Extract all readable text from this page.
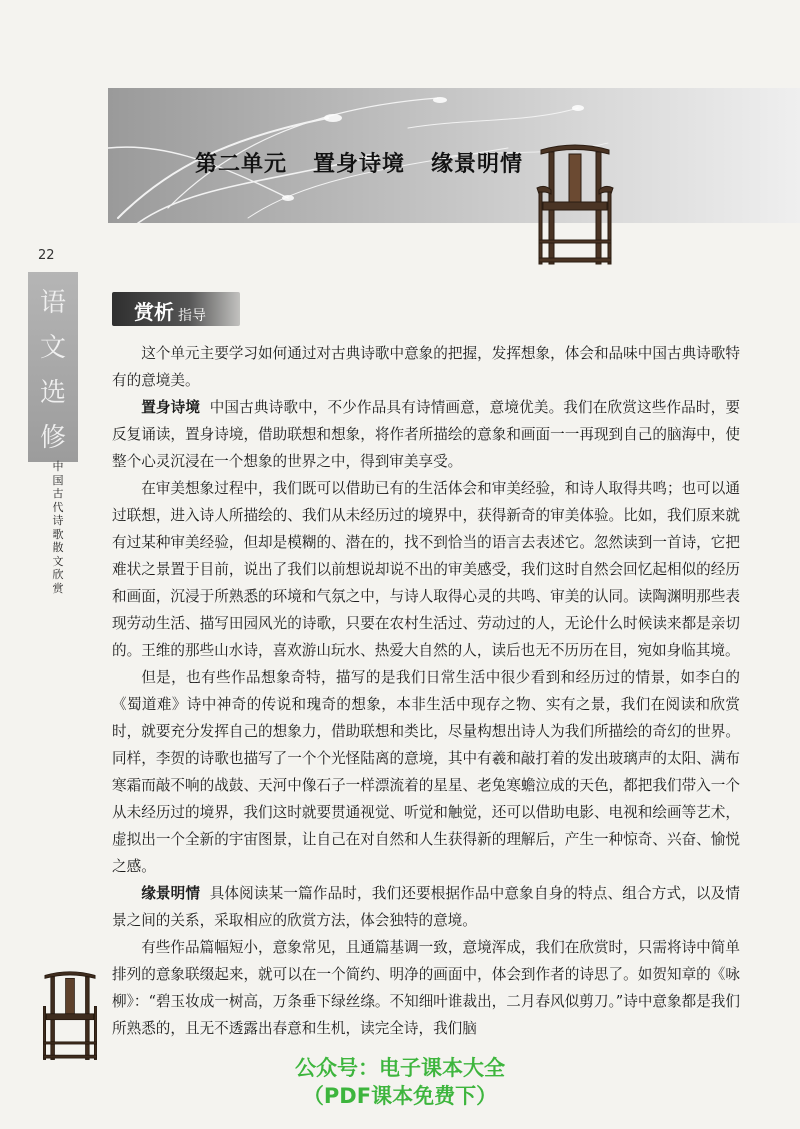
第二单元   置身诗境   缘景明情
22
语
文
选
修
中国古代诗歌散文欣赏
赏析 指导

这个单元主要学习如何通过对古典诗歌中意象的把握，发挥想象，体会和品味中国古典诗歌特有的意境美。

置身诗境 中国古典诗歌中，不少作品具有诗情画意，意境优美。我们在欣赏这些作品时，要反复诵读，置身诗境，借助联想和想象，将作者所描绘的意象和画面一一再现到自己的脑海中，使整个心灵沉浸在一个想象的世界之中，得到审美享受。

在审美想象过程中，我们既可以借助已有的生活体会和审美经验，和诗人取得共鸣；也可以通过联想，进入诗人所描绘的、我们从未经历过的境界中，获得新奇的审美体验。比如，我们原来就有过某种审美经验，但却是模糊的、潜在的，找不到恰当的语言去表述它。忽然读到一首诗，它把难状之景置于目前，说出了我们以前想说却说不出的审美感受，我们这时自然会回忆起相似的经历和画面，沉浸于所熟悉的环境和气氛之中，与诗人取得心灵的共鸣、审美的认同。读陶渊明那些表现劳动生活、描写田园风光的诗歌，只要在农村生活过、劳动过的人，无论什么时候读来都是亲切的。王维的那些山水诗，喜欢游山玩水、热爱大自然的人，读后也无不历历在目，宛如身临其境。

但是，也有些作品想象奇特，描写的是我们日常生活中很少看到和经历过的情景，如李白的《蜀道难》诗中神奇的传说和瑰奇的想象，本非生活中现存之物、实有之景，我们在阅读和欣赏时，就要充分发挥自己的想象力，借助联想和类比，尽量构想出诗人为我们所描绘的奇幻的世界。同样，李贺的诗歌也描写了一个个光怪陆离的意境，其中有羲和敲打着的发出玻璃声的太阳、满布寒霜而敲不响的战鼓、天河中像石子一样漂流着的星星、老兔寒蟾泣成的天色，都把我们带入一个从未经历过的境界，我们这时就要贯通视觉、听觉和触觉，还可以借助电影、电视和绘画等艺术，虚拟出一个全新的宇宙图景，让自己在对自然和人生获得新的理解后，产生一种惊奇、兴奋、愉悦之感。

缘景明情 具体阅读某一篇作品时，我们还要根据作品中意象自身的特点、组合方式，以及情景之间的关系，采取相应的欣赏方法，体会独特的意境。

有些作品篇幅短小，意象常见，且通篇基调一致，意境浑成，我们在欣赏时，只需将诗中简单排列的意象联缀起来，就可以在一个简约、明净的画面中，体会到作者的诗思了。如贺知章的《咏柳》：“碧玉妆成一树高，万条垂下绿丝绦。不知细叶谁裁出，二月春风似剪刀。”诗中意象都是我们所熟悉的，且无不透露出春意和生机，读完全诗，我们脑

公众号：电子课本大全
（PDF课本免费下）
